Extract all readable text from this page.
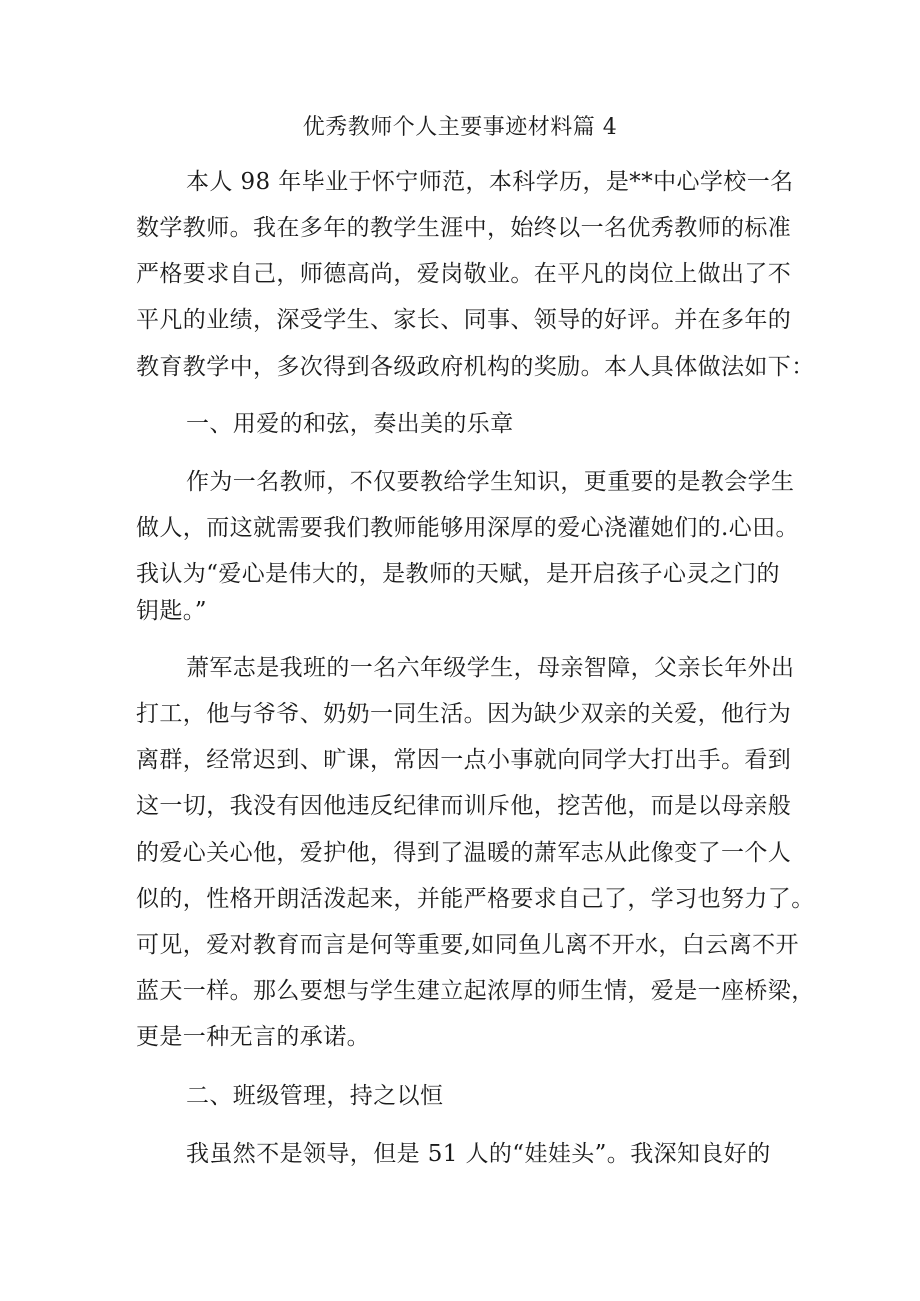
优秀教师个人主要事迹材料篇 4
本人 98 年毕业于怀宁师范，本科学历，是**中心学校一名
数学教师。我在多年的教学生涯中，始终以一名优秀教师的标准
严格要求自己，师德高尚，爱岗敬业。在平凡的岗位上做出了不
平凡的业绩，深受学生、家长、同事、领导的好评。并在多年的
教育教学中，多次得到各级政府机构的奖励。本人具体做法如下：
一、用爱的和弦，奏出美的乐章
作为一名教师，不仅要教给学生知识，更重要的是教会学生
做人，而这就需要我们教师能够用深厚的爱心浇灌她们的.心田。
我认为“爱心是伟大的，是教师的天赋，是开启孩子心灵之门的
钥匙。”
萧军志是我班的一名六年级学生，母亲智障，父亲长年外出
打工，他与爷爷、奶奶一同生活。因为缺少双亲的关爱，他行为
离群，经常迟到、旷课，常因一点小事就向同学大打出手。看到
这一切，我没有因他违反纪律而训斥他，挖苦他，而是以母亲般
的爱心关心他，爱护他，得到了温暖的萧军志从此像变了一个人
似的，性格开朗活泼起来，并能严格要求自己了，学习也努力了。
可见，爱对教育而言是何等重要,如同鱼儿离不开水，白云离不开
蓝天一样。那么要想与学生建立起浓厚的师生情，爱是一座桥梁，
更是一种无言的承诺。
二、班级管理，持之以恒
我虽然不是领导，但是 51 人的“娃娃头”。我深知良好的
